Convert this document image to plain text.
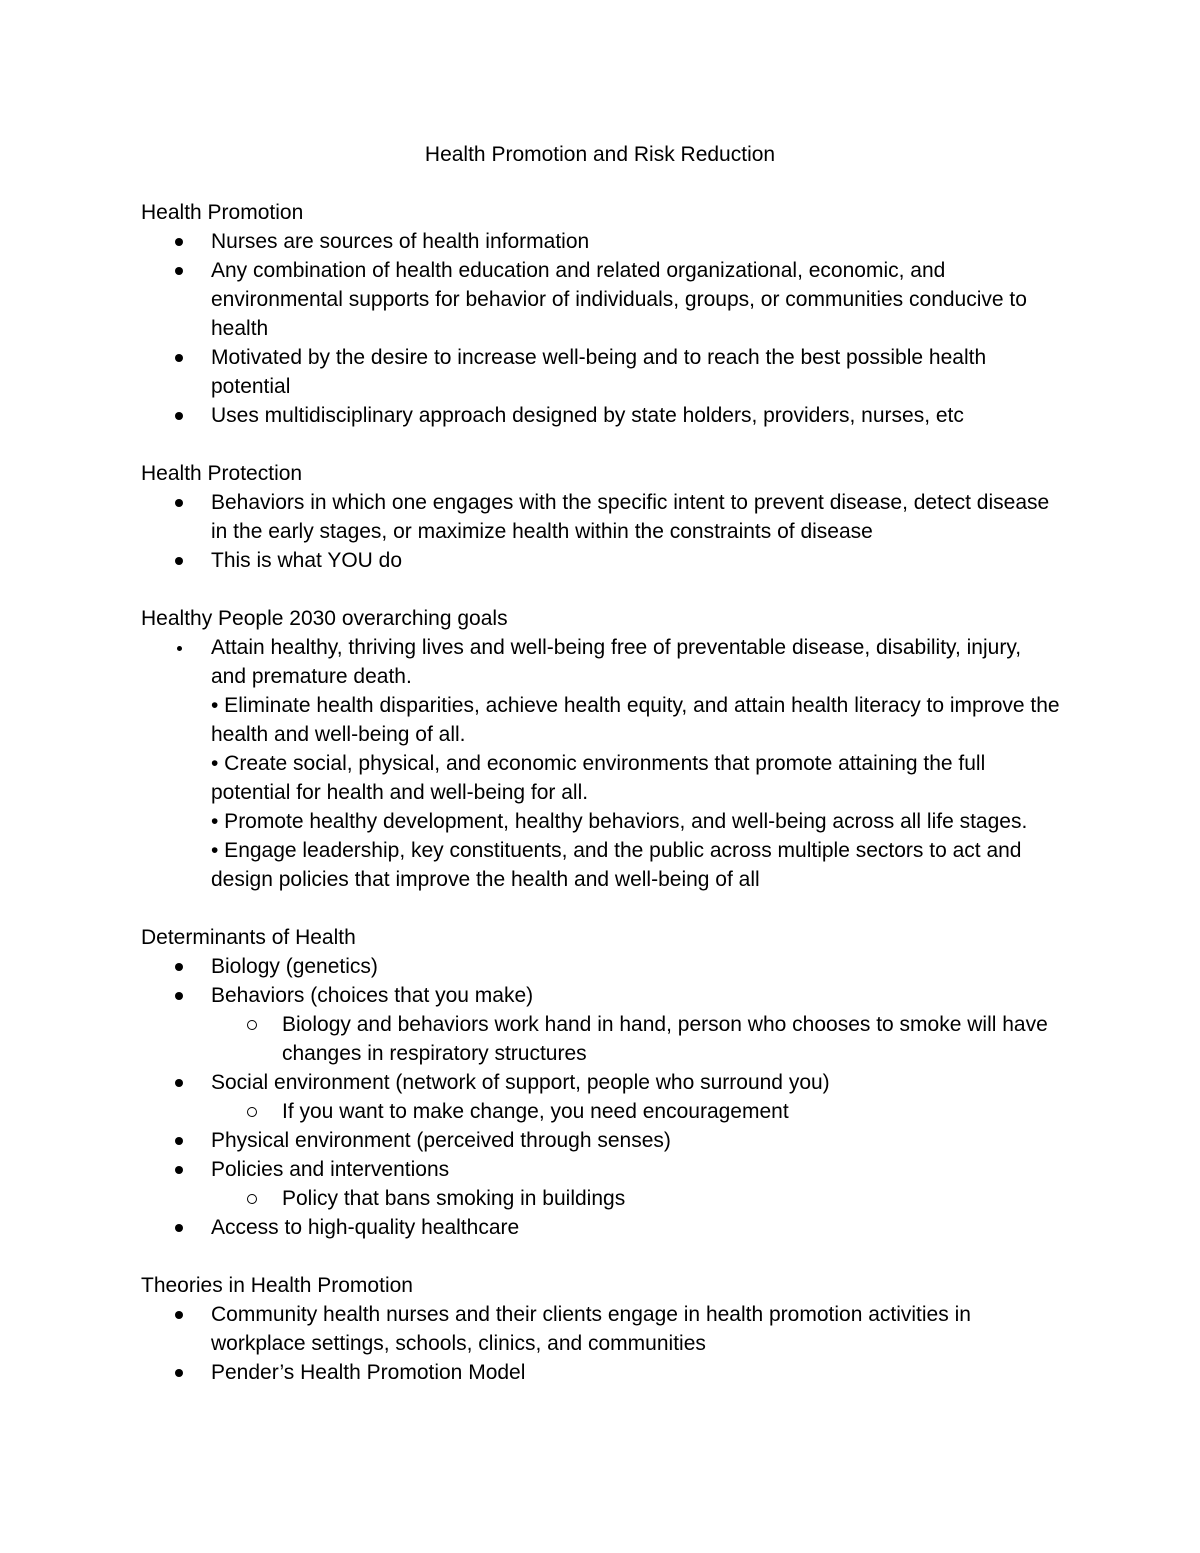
Health Promotion and Risk Reduction
Health Promotion
Nurses are sources of health information
Any combination of health education and related organizational, economic, and environmental supports for behavior of individuals, groups, or communities conducive to health
Motivated by the desire to increase well-being and to reach the best possible health potential
Uses multidisciplinary approach designed by state holders, providers, nurses, etc
Health Protection
Behaviors in which one engages with the specific intent to prevent disease, detect disease in the early stages, or maximize health within the constraints of disease
This is what YOU do
Healthy People 2030 overarching goals
Attain healthy, thriving lives and well-being free of preventable disease, disability, injury, and premature death.
• Eliminate health disparities, achieve health equity, and attain health literacy to improve the health and well-being of all.
• Create social, physical, and economic environments that promote attaining the full potential for health and well-being for all.
• Promote healthy development, healthy behaviors, and well-being across all life stages.
• Engage leadership, key constituents, and the public across multiple sectors to act and design policies that improve the health and well-being of all
Determinants of Health
Biology (genetics)
Behaviors (choices that you make)
Biology and behaviors work hand in hand, person who chooses to smoke will have changes in respiratory structures
Social environment (network of support, people who surround you)
If you want to make change, you need encouragement
Physical environment (perceived through senses)
Policies and interventions
Policy that bans smoking in buildings
Access to high-quality healthcare
Theories in Health Promotion
Community health nurses and their clients engage in health promotion activities in workplace settings, schools, clinics, and communities
Pender’s Health Promotion Model
